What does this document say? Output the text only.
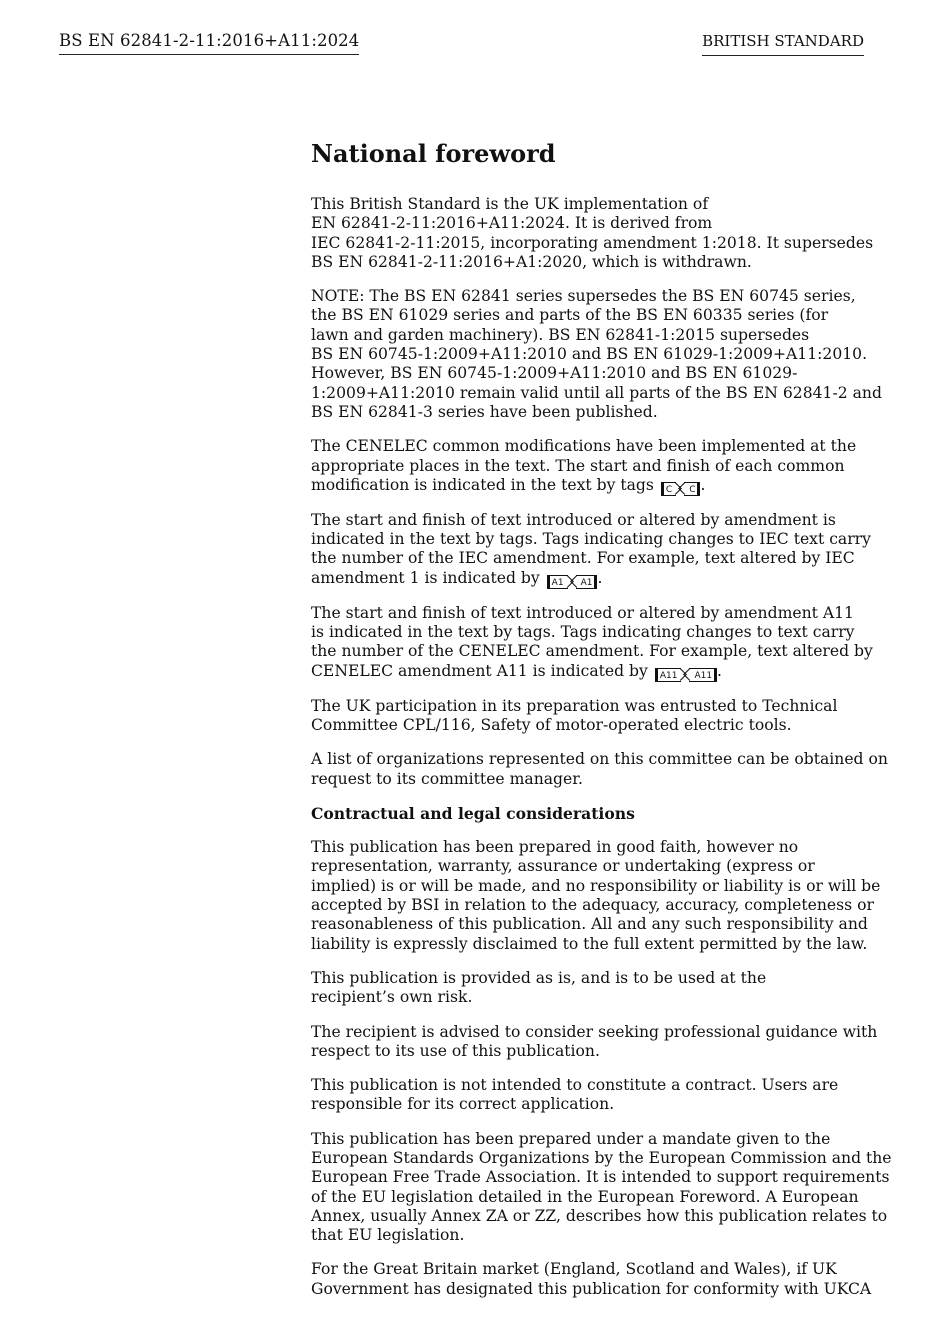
BS EN 62841-2-11:2016+A11:2024	BRITISH STANDARD
National foreword

This British Standard is the UK implementation of
EN 62841-2-11:2016+A11:2024. It is derived from
IEC 62841-2-11:2015, incorporating amendment 1:2018. It supersedes
BS EN 62841-2-11:2016+A1:2020, which is withdrawn.

NOTE: The BS EN 62841 series supersedes the BS EN 60745 series,
the BS EN 61029 series and parts of the BS EN 60335 series (for
lawn and garden machinery). BS EN 62841-1:2015 supersedes
BS EN 60745-1:2009+A11:2010 and BS EN 61029-1:2009+A11:2010.
However, BS EN 60745-1:2009+A11:2010 and BS EN 61029-
1:2009+A11:2010 remain valid until all parts of the BS EN 62841-2 and
BS EN 62841-3 series have been published.

The CENELEC common modifications have been implemented at the
appropriate places in the text. The start and finish of each common
modification is indicated in the text by tags C C .

The start and finish of text introduced or altered by amendment is
indicated in the text by tags. Tags indicating changes to IEC text carry
the number of the IEC amendment. For example, text altered by IEC
amendment 1 is indicated by A1 A1 .

The start and finish of text introduced or altered by amendment A11
is indicated in the text by tags. Tags indicating changes to text carry
the number of the CENELEC amendment. For example, text altered by
CENELEC amendment A11 is indicated by A11 A11 .

The UK participation in its preparation was entrusted to Technical
Committee CPL/116, Safety of motor-operated electric tools.

A list of organizations represented on this committee can be obtained on
request to its committee manager.

Contractual and legal considerations

This publication has been prepared in good faith, however no
representation, warranty, assurance or undertaking (express or
implied) is or will be made, and no responsibility or liability is or will be
accepted by BSI in relation to the adequacy, accuracy, completeness or
reasonableness of this publication. All and any such responsibility and
liability is expressly disclaimed to the full extent permitted by the law.

This publication is provided as is, and is to be used at the
recipient’s own risk.

The recipient is advised to consider seeking professional guidance with
respect to its use of this publication.

This publication is not intended to constitute a contract. Users are
responsible for its correct application.

This publication has been prepared under a mandate given to the
European Standards Organizations by the European Commission and the
European Free Trade Association. It is intended to support requirements
of the EU legislation detailed in the European Foreword. A European
Annex, usually Annex ZA or ZZ, describes how this publication relates to
that EU legislation.

For the Great Britain market (England, Scotland and Wales), if UK
Government has designated this publication for conformity with UKCA
